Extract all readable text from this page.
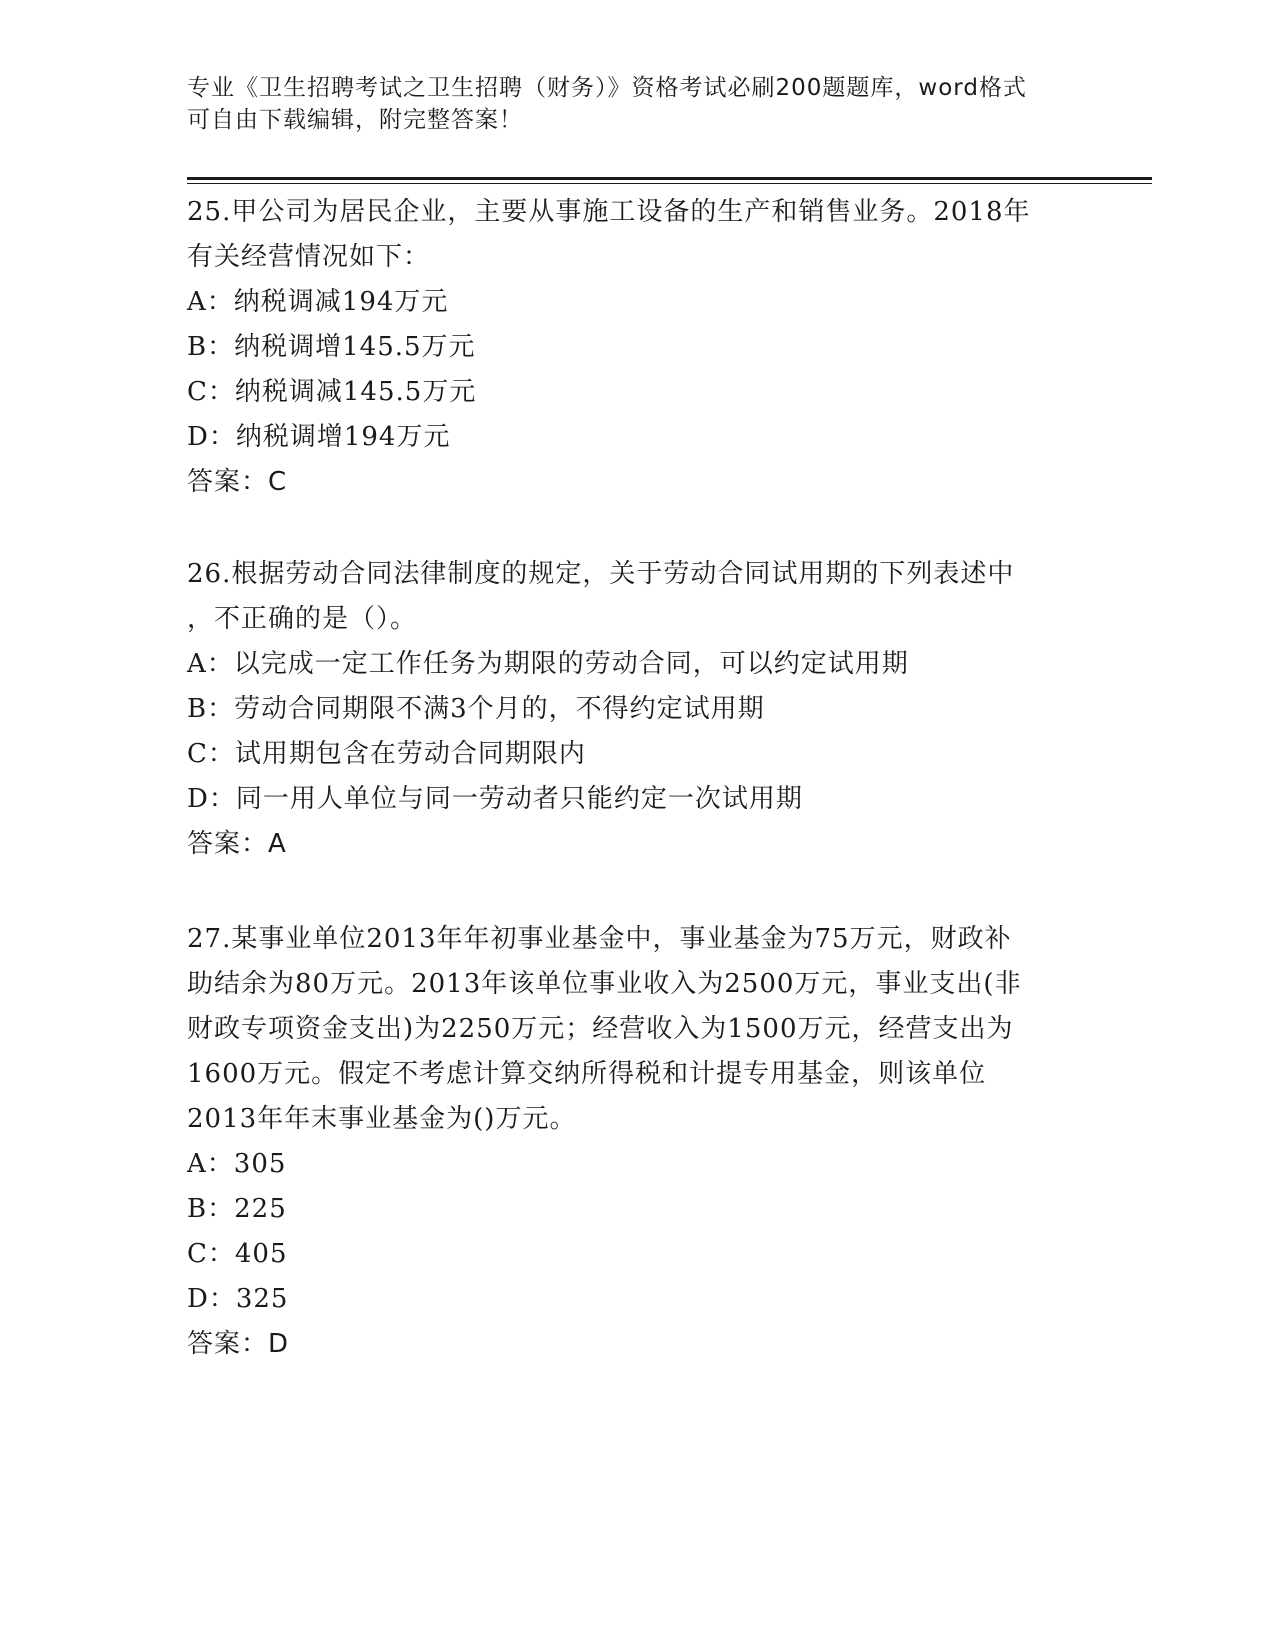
专业《卫生招聘考试之卫生招聘（财务）》资格考试必刷200题题库，word格式
可自由下载编辑，附完整答案！
25.甲公司为居民企业，主要从事施工设备的生产和销售业务。2018年
有关经营情况如下：
A：纳税调减194万元
B：纳税调增145.5万元
C：纳税调减145.5万元
D：纳税调增194万元
答案：C
26.根据劳动合同法律制度的规定，关于劳动合同试用期的下列表述中
，不正确的是（）。
A：以完成一定工作任务为期限的劳动合同，可以约定试用期
B：劳动合同期限不满3个月的，不得约定试用期
C：试用期包含在劳动合同期限内
D：同一用人单位与同一劳动者只能约定一次试用期
答案：A
27.某事业单位2013年年初事业基金中，事业基金为75万元，财政补
助结余为80万元。2013年该单位事业收入为2500万元，事业支出(非
财政专项资金支出)为2250万元；经营收入为1500万元，经营支出为
1600万元。假定不考虑计算交纳所得税和计提专用基金，则该单位
2013年年末事业基金为()万元。
A：305
B：225
C：405
D：325
答案：D
